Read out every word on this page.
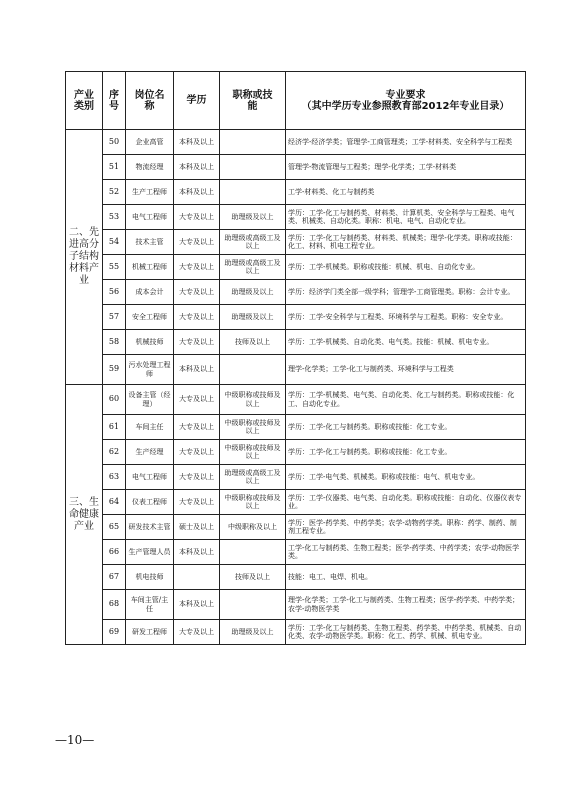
产业类别	序号	岗位名称	学历	职称或技能	专业要求
（其中学历专业参照教育部2012年专业目录）

二、先进高分子结构材料产业	50	企业高管	本科及以上		经济学-经济学类；管理学-工商管理类；工学-材料类、安全科学与工程类
	51	物流经理	本科及以上		管理学-物流管理与工程类；理学-化学类；工学-材料类
	52	生产工程师	本科及以上		工学-材料类、化工与制药类
	53	电气工程师	大专及以上	助理级及以上	学历：工学-化工与制药类、材料类、计算机类、安全科学与工程类、电气类、机械类、自动化类。职称：机电、电气、自动化专业。
	54	技术主管	大专及以上	助理级或高级工及以上	学历：工学-化工与制药类、材料类、机械类；理学-化学类。职称或技能：化工、材料、机电工程专业。
	55	机械工程师	大专及以上	助理级或高级工及以上	学历：工学-机械类。职称或技能：机械、机电、自动化专业。
	56	成本会计	大专及以上	助理级及以上	学历：经济学门类全部一级学科；管理学-工商管理类。职称：会计专业。
	57	安全工程师	大专及以上	助理级及以上	学历：工学-安全科学与工程类、环境科学与工程类。职称：安全专业。
	58	机械技师	大专及以上	技师及以上	学历：工学-机械类、自动化类、电气类。技能：机械、机电专业。
	59	污水处理工程师	本科及以上		理学-化学类；工学-化工与制药类、环境科学与工程类
三、生命健康产业	60	设备主管（经理）	大专及以上	中级职称或技师及以上	学历：工学-机械类、电气类、自动化类、化工与制药类。职称或技能：化工、自动化专业。
	61	车间主任	大专及以上	中级职称或技师及以上	学历：工学-化工与制药类。职称或技能：化工专业。
	62	生产经理	大专及以上	中级职称或技师及以上	学历：工学-化工与制药类。职称或技能：化工专业。
	63	电气工程师	大专及以上	助理级或高级工及以上	学历：工学-电气类、机械类。职称或技能：电气、机电专业。
	64	仪表工程师	大专及以上	中级职称或技师及以上	学历：工学-仪器类、电气类、自动化类。职称或技能：自动化、仪器仪表专业。
	65	研发技术主管	硕士及以上	中级职称及以上	学历：医学-药学类、中药学类；农学-动物药学类。职称：药学、制药、制剂工程专业。
	66	生产管理人员	本科及以上		工学-化工与制药类、生物工程类；医学-药学类、中药学类；农学-动物医学类。
	67	机电技师		技师及以上	技能：电工、电焊、机电。
	68	车间主管/主任	本科及以上		理学-化学类；工学-化工与制药类、生物工程类；医学-药学类、中药学类；农学-动物医学类
	69	研发工程师	大专及以上	助理级及以上	学历：工学-化工与制药类、生物工程类、药学类、中药学类、机械类、自动化类、农学-动物医学类。职称：化工、药学、机械、机电专业。
—10—
